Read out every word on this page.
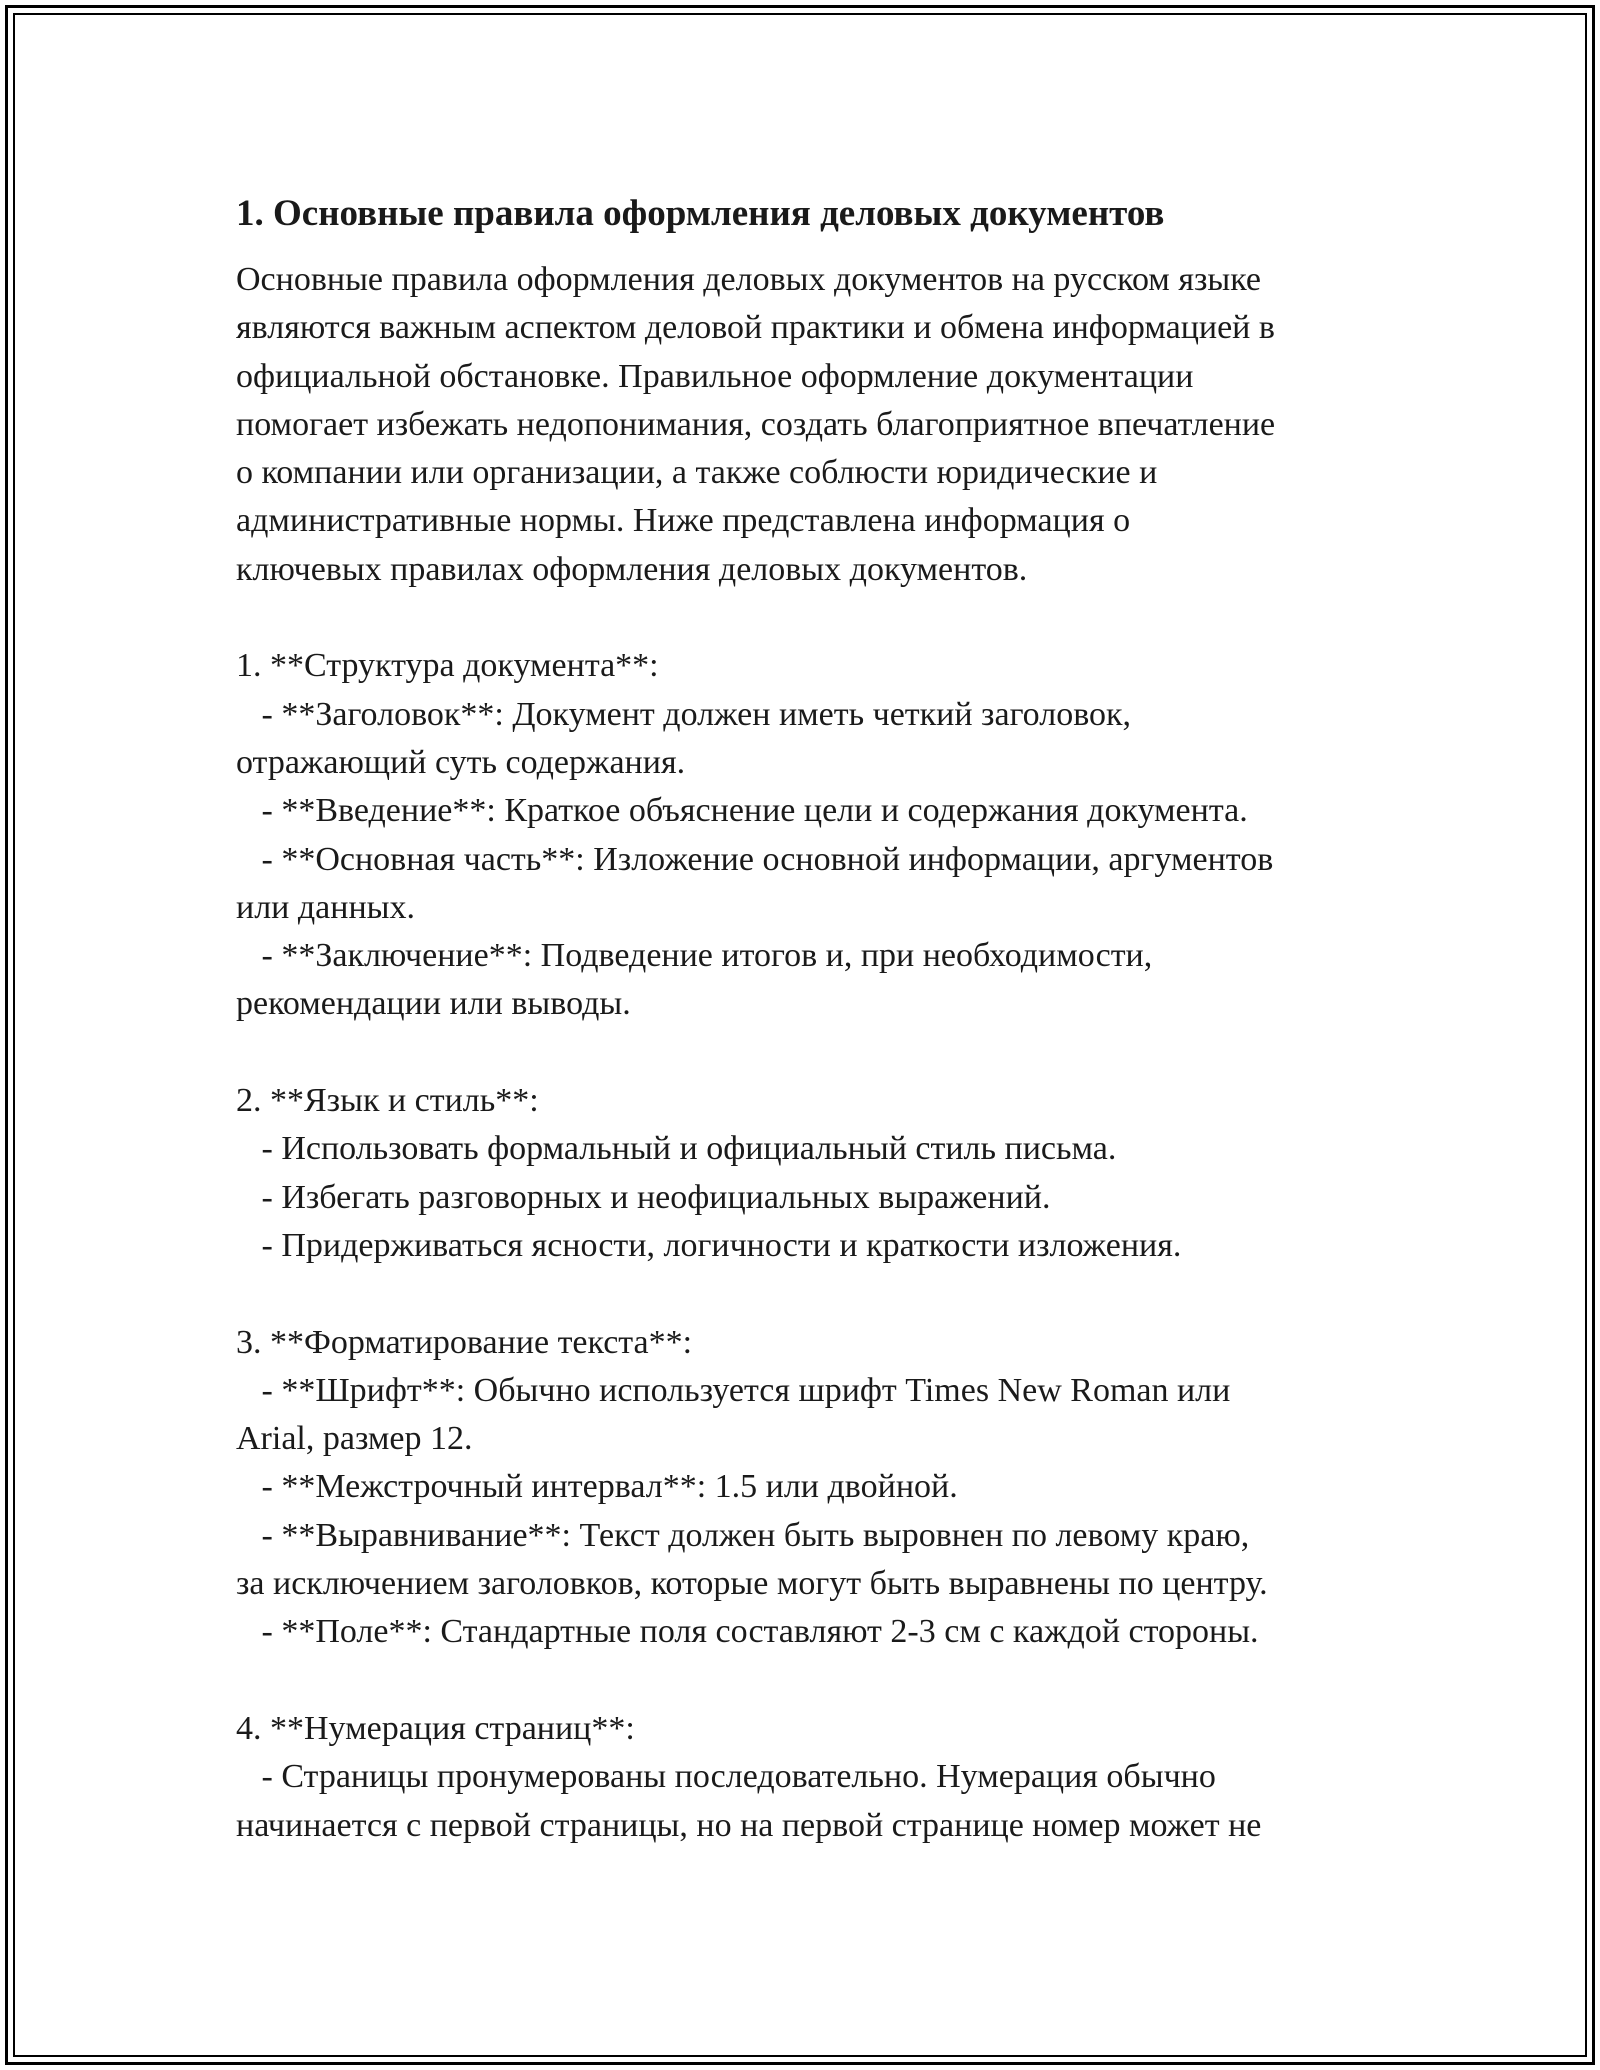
1. Основные правила оформления деловых документов

Основные правила оформления деловых документов на русском языке

являются важным аспектом деловой практики и обмена информацией в

официальной обстановке. Правильное оформление документации

помогает избежать недопонимания, создать благоприятное впечатление

о компании или организации, а также соблюсти юридические и

административные нормы. Ниже представлена информация о

ключевых правилах оформления деловых документов.

1. **Структура документа**:

- **Заголовок**: Документ должен иметь четкий заголовок,

отражающий суть содержания.

- **Введение**: Краткое объяснение цели и содержания документа.

- **Основная часть**: Изложение основной информации, аргументов

или данных.

- **Заключение**: Подведение итогов и, при необходимости,

рекомендации или выводы.

2. **Язык и стиль**:

- Использовать формальный и официальный стиль письма.

- Избегать разговорных и неофициальных выражений.

- Придерживаться ясности, логичности и краткости изложения.

3. **Форматирование текста**:

- **Шрифт**: Обычно используется шрифт Times New Roman или

Arial, размер 12.

- **Межстрочный интервал**: 1.5 или двойной.

- **Выравнивание**: Текст должен быть выровнен по левому краю,

за исключением заголовков, которые могут быть выравнены по центру.

- **Поле**: Стандартные поля составляют 2-3 см с каждой стороны.

4. **Нумерация страниц**:

- Страницы пронумерованы последовательно. Нумерация обычно

начинается с первой страницы, но на первой странице номер может не
